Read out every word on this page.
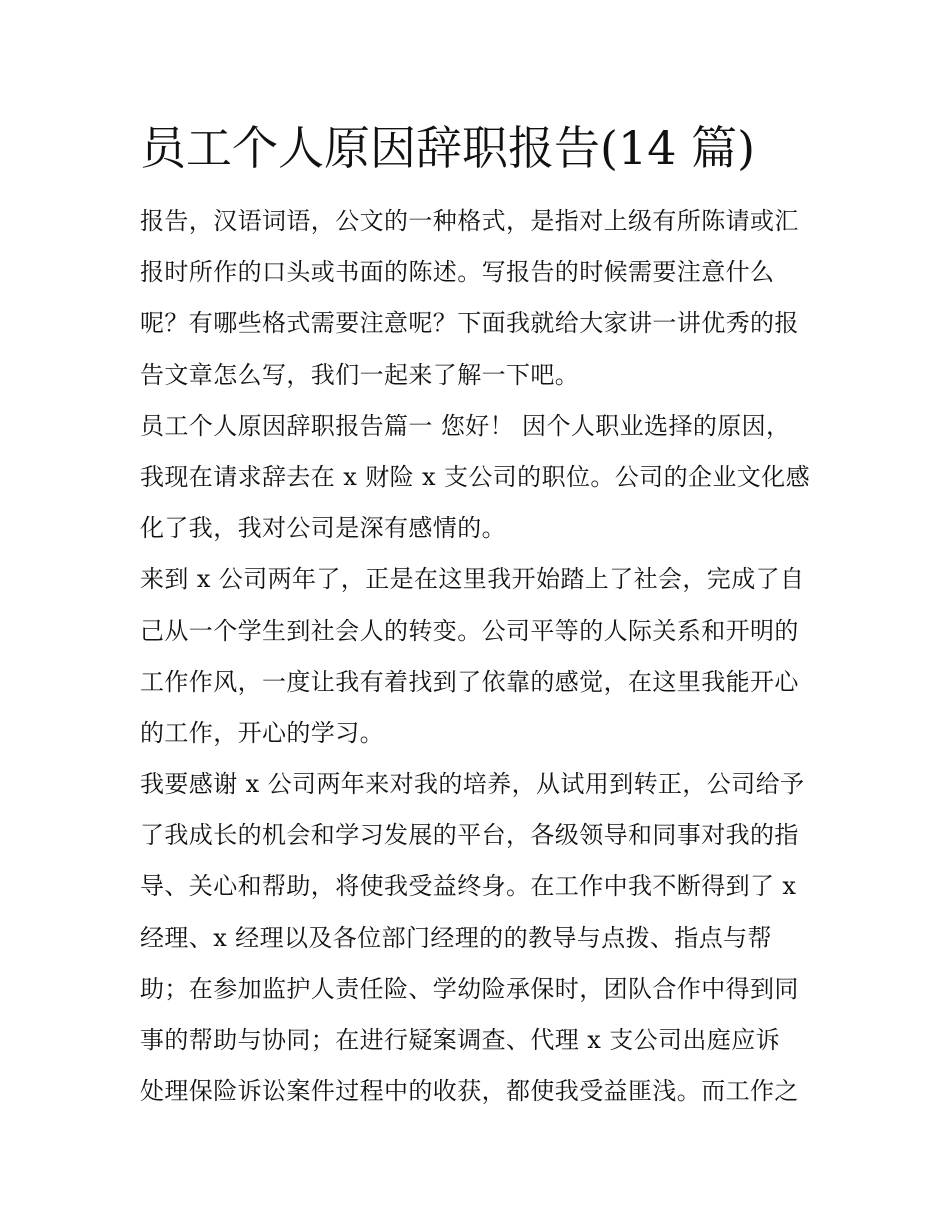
员工个人原因辞职报告(14 篇)

报告，汉语词语，公文的一种格式，是指对上级有所陈请或汇
报时所作的口头或书面的陈述。写报告的时候需要注意什么
呢？有哪些格式需要注意呢？下面我就给大家讲一讲优秀的报
告文章怎么写，我们一起来了解一下吧。

员工个人原因辞职报告篇一 您好！ 因个人职业选择的原因，
我现在请求辞去在 x 财险 x 支公司的职位。公司的企业文化感
化了我，我对公司是深有感情的。

来到 x 公司两年了，正是在这里我开始踏上了社会，完成了自
己从一个学生到社会人的转变。公司平等的人际关系和开明的
工作作风，一度让我有着找到了依靠的感觉，在这里我能开心
的工作，开心的学习。

我要感谢 x 公司两年来对我的培养，从试用到转正，公司给予
了我成长的机会和学习发展的平台，各级领导和同事对我的指
导、关心和帮助，将使我受益终身。在工作中我不断得到了 x
经理、x 经理以及各位部门经理的的教导与点拨、指点与帮
助；在参加监护人责任险、学幼险承保时，团队合作中得到同
事的帮助与协同；在进行疑案调查、代理 x 支公司出庭应诉
处理保险诉讼案件过程中的收获，都使我受益匪浅。而工作之
